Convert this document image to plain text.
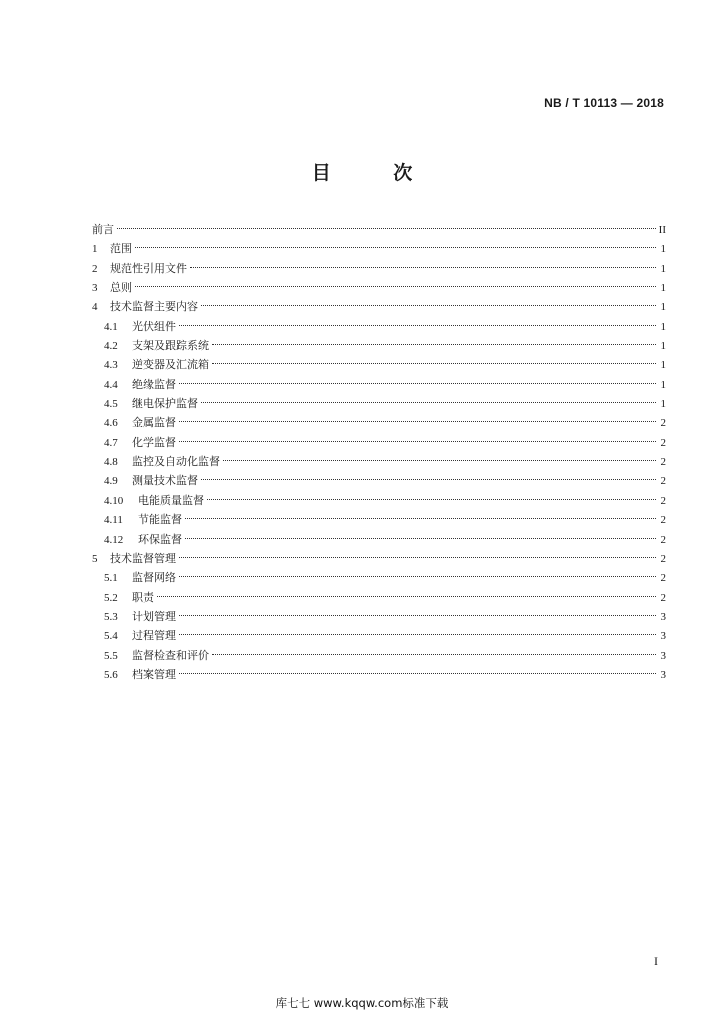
NB / T 10113 — 2018
目 次
前言	II
1	范围	1
2	规范性引用文件	1
3	总则	1
4	技术监督主要内容	1
4.1	光伏组件	1
4.2	支架及跟踪系统	1
4.3	逆变器及汇流箱	1
4.4	绝缘监督	1
4.5	继电保护监督	1
4.6	金属监督	2
4.7	化学监督	2
4.8	监控及自动化监督	2
4.9	测量技术监督	2
4.10	电能质量监督	2
4.11	节能监督	2
4.12	环保监督	2
5	技术监督管理	2
5.1	监督网络	2
5.2	职责	2
5.3	计划管理	3
5.4	过程管理	3
5.5	监督检查和评价	3
5.6	档案管理	3
I
库七七 www.kqqw.com标准下载
